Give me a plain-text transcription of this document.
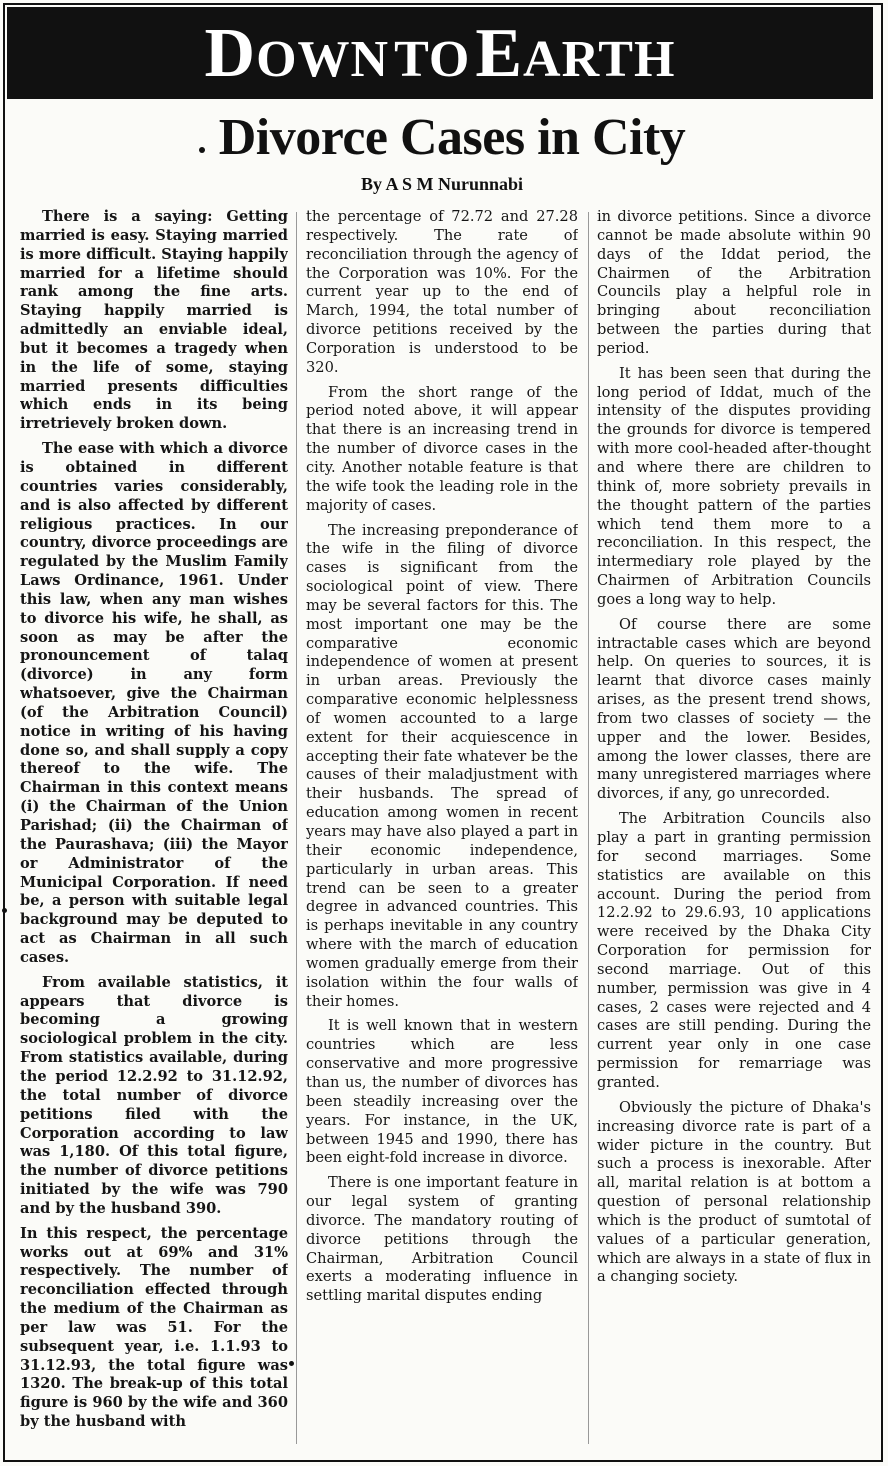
DOWN TO EARTH
Divorce Cases in City
By A S M Nurunnabi

There is a saying: Getting married is easy. Staying married is more difficult. Staying happily married for a lifetime should rank among the fine arts. Staying happily married is admittedly an enviable ideal, but it becomes a tragedy when in the life of some, staying married presents difficulties which ends in its being irretrievely broken down.

The ease with which a divorce is obtained in different countries varies considerably, and is also affected by different religious practices. In our country, divorce proceedings are regulated by the Muslim Family Laws Ordinance, 1961. Under this law, when any man wishes to divorce his wife, he shall, as soon as may be after the pronouncement of talaq (divorce) in any form whatsoever, give the Chairman (of the Arbitration Council) notice in writing of his having done so, and shall supply a copy thereof to the wife. The Chairman in this context means (i) the Chairman of the Union Parishad; (ii) the Chairman of the Paurashava; (iii) the Mayor or Administrator of the Municipal Corporation. If need be, a person with suitable legal background may be deputed to act as Chairman in all such cases.

From available statistics, it appears that divorce is becoming a growing sociological problem in the city. From statistics available, during the period 12.2.92 to 31.12.92, the total number of divorce petitions filed with the Corporation according to law was 1,180. Of this total figure, the number of divorce petitions initiated by the wife was 790 and by the husband 390.

In this respect, the percentage works out at 69% and 31% respectively. The number of reconciliation effected through the medium of the Chairman as per law was 51. For the subsequent year, i.e. 1.1.93 to 31.12.93, the total figure was 1320. The break-up of this total figure is 960 by the wife and 360 by the husband with

the percentage of 72.72 and 27.28 respectively. The rate of reconciliation through the agency of the Corporation was 10%. For the current year up to the end of March, 1994, the total number of divorce petitions received by the Corporation is understood to be 320.

From the short range of the period noted above, it will appear that there is an increasing trend in the number of divorce cases in the city. Another notable feature is that the wife took the leading role in the majority of cases.

The increasing preponderance of the wife in the filing of divorce cases is significant from the sociological point of view. There may be several factors for this. The most important one may be the comparative economic independence of women at present in urban areas. Previously the comparative economic helplessness of women accounted to a large extent for their acquiescence in accepting their fate whatever be the causes of their maladjustment with their husbands. The spread of education among women in recent years may have also played a part in their economic independence, particularly in urban areas. This trend can be seen to a greater degree in advanced countries. This is perhaps inevitable in any country where with the march of education women gradually emerge from their isolation within the four walls of their homes.

It is well known that in western countries which are less conservative and more progressive than us, the number of divorces has been steadily increasing over the years. For instance, in the UK, between 1945 and 1990, there has been eight-fold increase in divorce.

There is one important feature in our legal system of granting divorce. The mandatory routing of divorce petitions through the Chairman, Arbitration Council exerts a moderating influence in settling marital disputes ending

in divorce petitions. Since a divorce cannot be made absolute within 90 days of the Iddat period, the Chairmen of the Arbitration Councils play a helpful role in bringing about reconciliation between the parties during that period.

It has been seen that during the long period of Iddat, much of the intensity of the disputes providing the grounds for divorce is tempered with more cool-headed after-thought and where there are children to think of, more sobriety prevails in the thought pattern of the parties which tend them more to a reconciliation. In this respect, the intermediary role played by the Chairmen of Arbitration Councils goes a long way to help.

Of course there are some intractable cases which are beyond help. On queries to sources, it is learnt that divorce cases mainly arises, as the present trend shows, from two classes of society — the upper and the lower. Besides, among the lower classes, there are many unregistered marriages where divorces, if any, go unrecorded.

The Arbitration Councils also play a part in granting permission for second marriages. Some statistics are available on this account. During the period from 12.2.92 to 29.6.93, 10 applications were received by the Dhaka City Corporation for permission for second marriage. Out of this number, permission was give in 4 cases, 2 cases were rejected and 4 cases are still pending. During the current year only in one case permission for remarriage was granted.

Obviously the picture of Dhaka's increasing divorce rate is part of a wider picture in the country. But such a process is inexorable. After all, marital relation is at bottom a question of personal relationship which is the product of sumtotal of values of a particular generation, which are always in a state of flux in a changing society.
